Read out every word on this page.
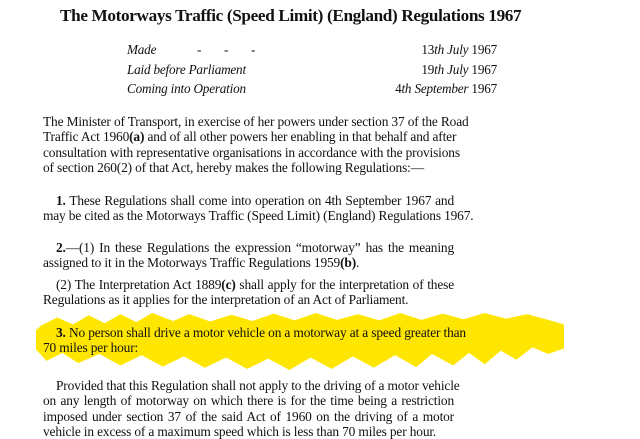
The Motorways Traffic (Speed Limit) (England) Regulations 1967
Made	- - -	13th July 1967
Laid before Parliament	19th July 1967
Coming into Operation	4th September 1967
The Minister of Transport, in exercise of her powers under section 37 of the Road
Traffic Act 1960(a) and of all other powers her enabling in that behalf and after
consultation with representative organisations in accordance with the provisions
of section 260(2) of that Act, hereby makes the following Regulations:—
1. These Regulations shall come into operation on 4th September 1967 and
may be cited as the Motorways Traffic (Speed Limit) (England) Regulations 1967.
2.—(1) In these Regulations the expression “motorway” has the meaning
assigned to it in the Motorways Traffic Regulations 1959(b).
(2) The Interpretation Act 1889(c) shall apply for the interpretation of these
Regulations as it applies for the interpretation of an Act of Parliament.
3. No person shall drive a motor vehicle on a motorway at a speed greater than
70 miles per hour:
Provided that this Regulation shall not apply to the driving of a motor vehicle
on any length of motorway on which there is for the time being a restriction
imposed under section 37 of the said Act of 1960 on the driving of a motor
vehicle in excess of a maximum speed which is less than 70 miles per hour.
